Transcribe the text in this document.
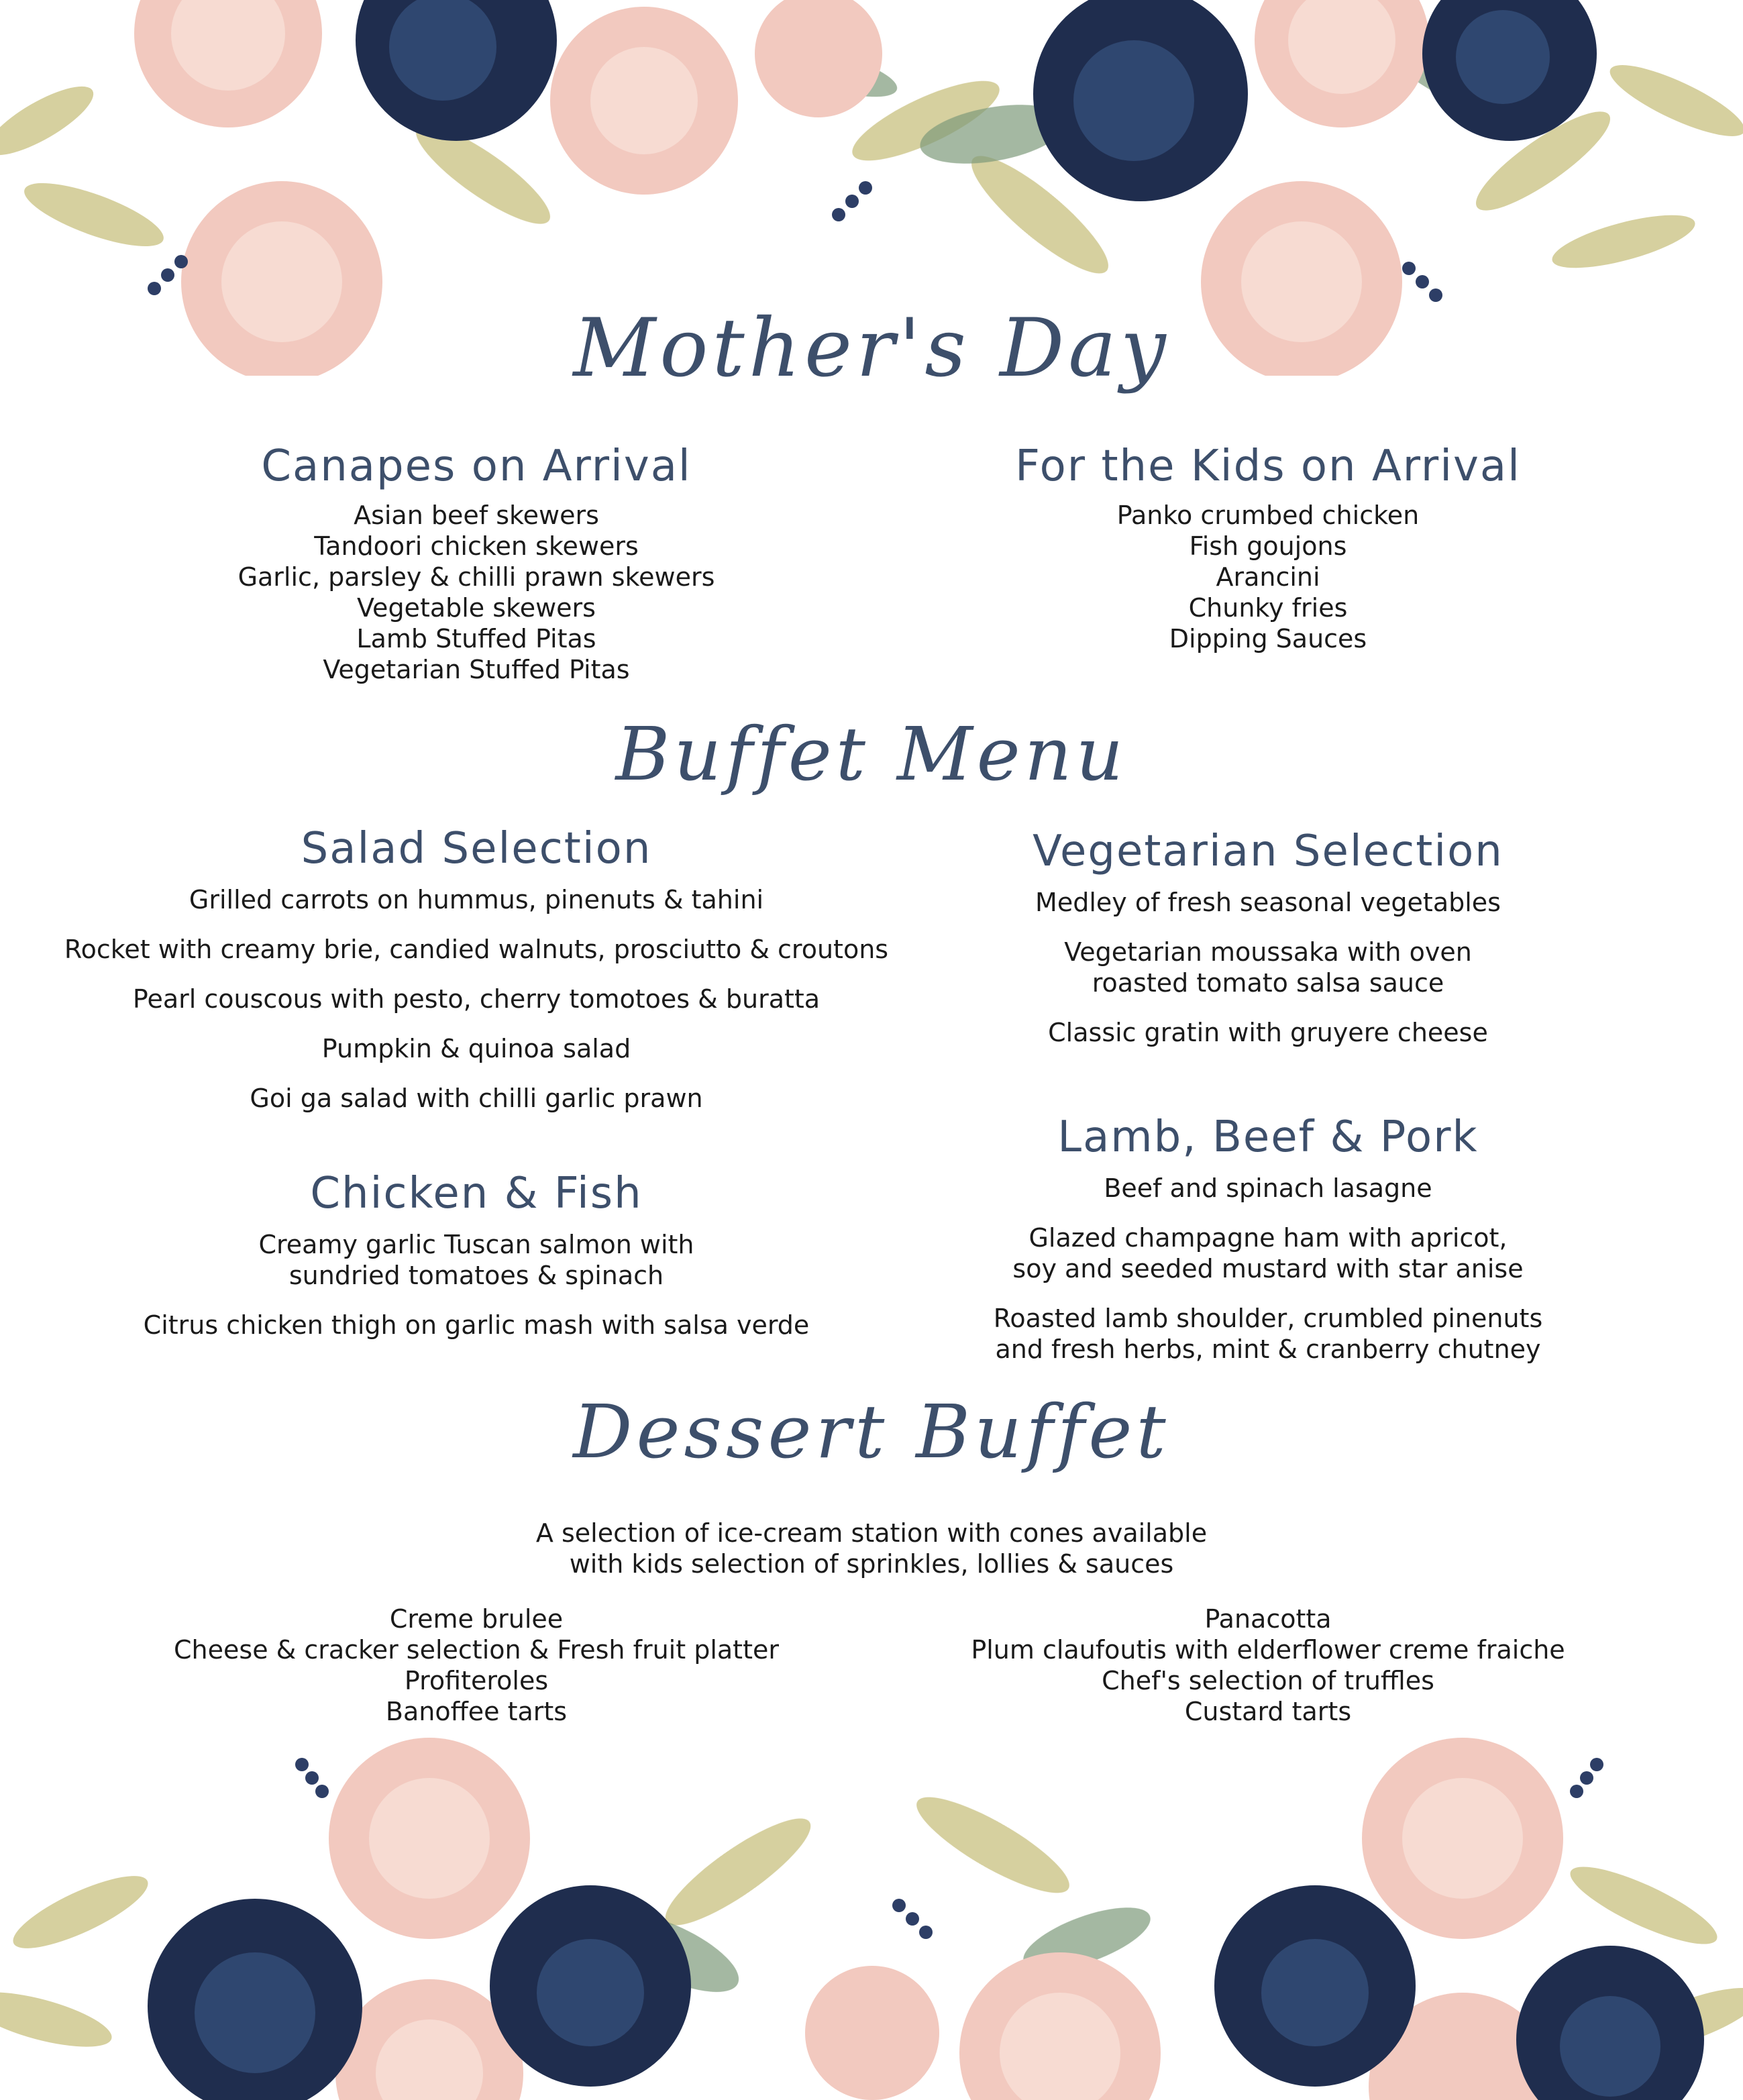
Mother's Day
Canapes on Arrival
Asian beef skewers
Tandoori chicken skewers
Garlic, parsley & chilli prawn skewers
Vegetable skewers
Lamb Stuffed Pitas
Vegetarian Stuffed Pitas
For the Kids on Arrival
Panko crumbed chicken
Fish goujons
Arancini
Chunky fries
Dipping Sauces
Buffet Menu
Salad Selection
Grilled carrots on hummus, pinenuts & tahini
Rocket with creamy brie, candied walnuts, prosciutto & croutons
Pearl couscous with pesto, cherry tomotoes & buratta
Pumpkin & quinoa salad
Goi ga salad with chilli garlic prawn
Vegetarian Selection
Medley of fresh seasonal vegetables
Vegetarian moussaka with oven
roasted tomato salsa sauce
Classic gratin with gruyere cheese
Chicken & Fish
Creamy garlic Tuscan salmon with
sundried tomatoes & spinach
Citrus chicken thigh on garlic mash with salsa verde
Lamb, Beef & Pork
Beef and spinach lasagne
Glazed champagne ham with apricot,
soy and seeded mustard with star anise
Roasted lamb shoulder, crumbled pinenuts
and fresh herbs, mint & cranberry chutney
Dessert Buffet
A selection of ice-cream station with cones available
with kids selection of sprinkles, lollies & sauces
Creme brulee
Cheese & cracker selection & Fresh fruit platter
Profiteroles
Banoffee tarts
Panacotta
Plum claufoutis with elderflower creme fraiche
Chef's selection of truffles
Custard tarts
